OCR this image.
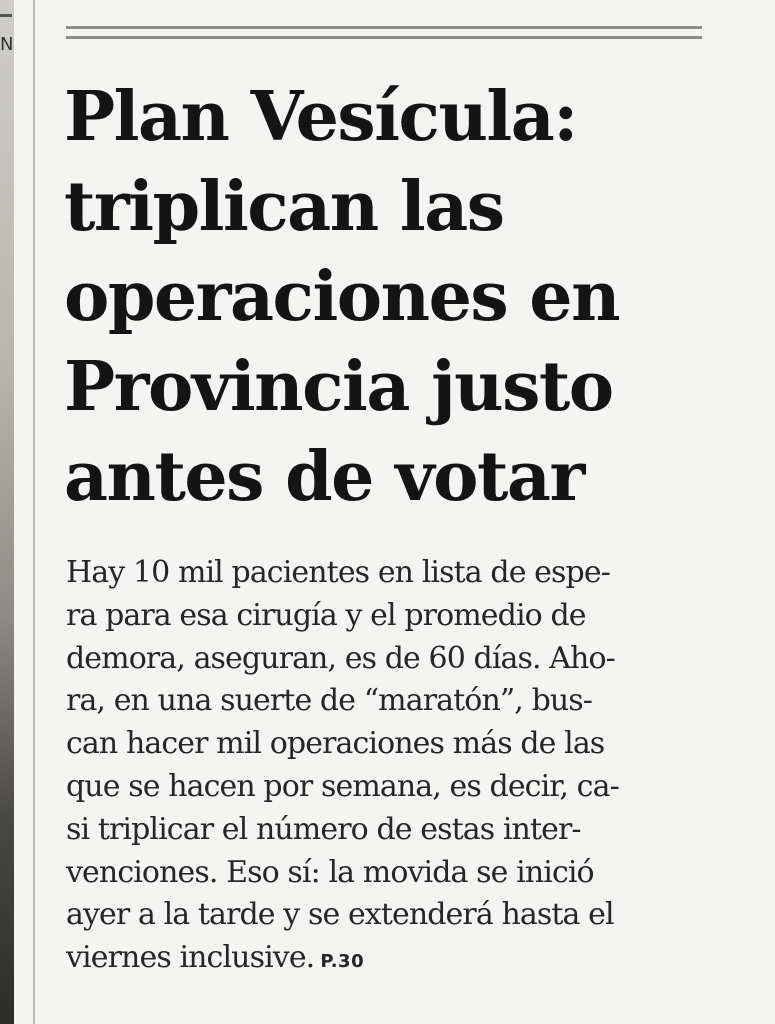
N
Plan Vesícula:
triplican las
operaciones en
Provincia justo
antes de votar

Hay 10 mil pacientes en lista de espe-
ra para esa cirugía y el promedio de
demora, aseguran, es de 60 días. Aho-
ra, en una suerte de “maratón”, bus-
can hacer mil operaciones más de las
que se hacen por semana, es decir, ca-
si triplicar el número de estas inter-
venciones. Eso sí: la movida se inició
ayer a la tarde y se extenderá hasta el
viernes inclusive. P.30
